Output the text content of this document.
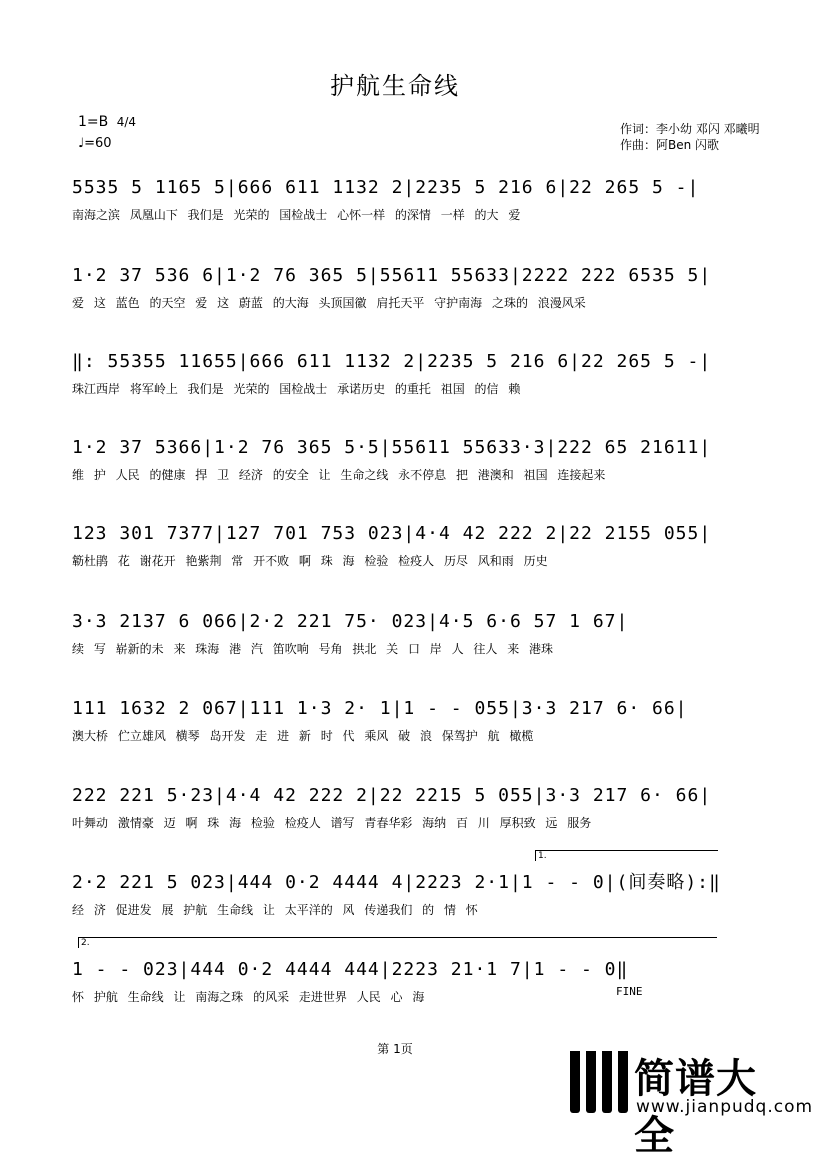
护航生命线
1=B 4/4
♩=60
作词：李小幼 邓闪 邓曦明
作曲：阿Ben 闪歌
5535 5 1165 5|666 611 1132 2|2235 5 216 6|22 265 5 -|
南海之滨 凤凰山下 我们是 光荣的 国检战士 心怀一样 的深情 一样 的大 爱
1·2 37 536 6|1·2 76 365 5|55611 55633|2222 222 6535 5|
爱 这 蓝色 的天空 爱 这 蔚蓝 的大海 头顶国徽 肩托天平 守护南海 之珠的 浪漫风采
‖: 55355 11655|666 611 1132 2|2235 5 216 6|22 265 5 -|
珠江西岸 将军岭上 我们是 光荣的 国检战士 承诺历史 的重托 祖国 的信 赖
1·2 37 5366|1·2 76 365 5·5|55611 55633·3|222 65 21611|
维 护 人民 的健康 捍 卫 经济 的安全 让 生命之线 永不停息 把 港澳和 祖国 连接起来
123 301 7377|127 701 753 023|4·4 42 222 2|22 2155 055|
簕杜鹃 花 谢花开 艳紫荆 常 开不败 啊 珠 海 检验 检疫人 历尽 风和雨 历史
3·3 2137 6 066|2·2 221 75· 023|4·5 6·6 57 1 67|
续 写 崭新的未 来 珠海 港 汽 笛吹响 号角 拱北 关 口 岸 人 往人 来 港珠
111 1632 2 067|111 1·3 2· 1|1 - - 055|3·3 217 6· 66|
澳大桥 伫立雄风 横琴 岛开发 走 进 新 时 代 乘风 破 浪 保驾护 航 橄榄
222 221 5·23|4·4 42 222 2|22 2215 5 055|3·3 217 6· 66|
叶舞动 激情豪 迈 啊 珠 海 检验 检疫人 谱写 青春华彩 海纳 百 川 厚积致 远 服务
1.
2·2 221 5 023|444 0·2 4444 4|2223 2·1|1 - - 0|(间奏略):‖
经 济 促进发 展 护航 生命线 让 太平洋的 风 传递我们 的 情 怀
2.
1 - - 023|444 0·2 4444 444|2223 21·1 7|1 - - 0‖
怀 护航 生命线 让 南海之珠 的风采 走进世界 人民 心 海	FINE
第 1页
简谱大全
www.jianpudq.com
